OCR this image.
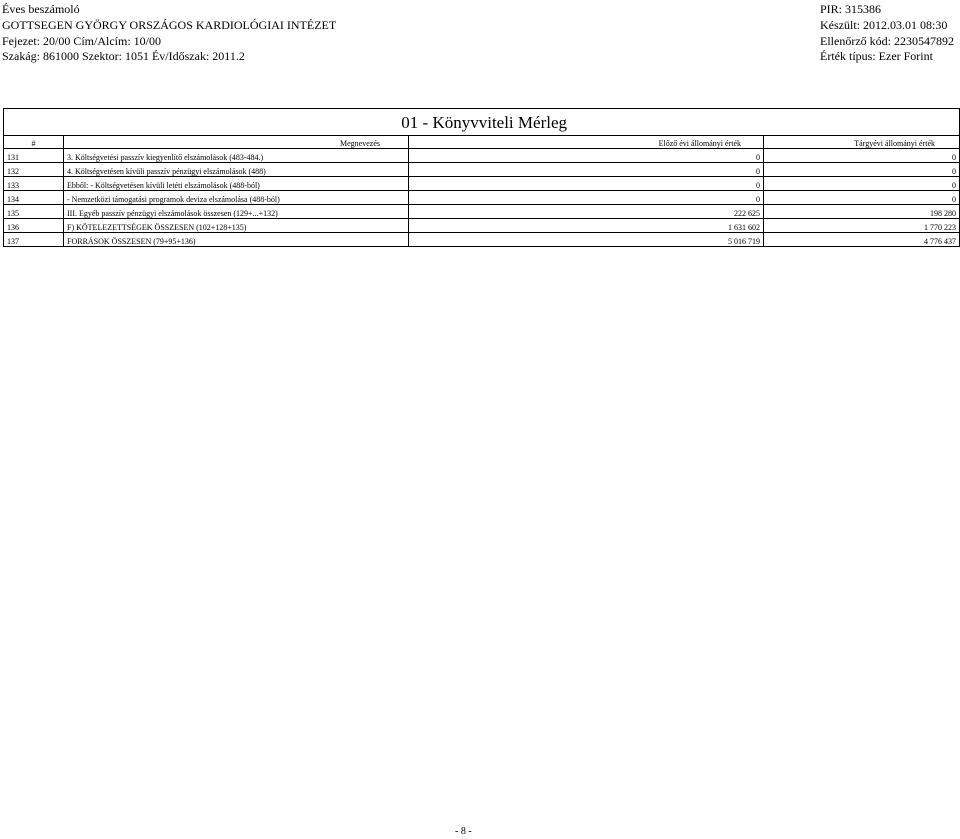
Éves beszámoló
GOTTSEGEN GYÖRGY ORSZÁGOS KARDIOLÓGIAI INTÉZET
Fejezet: 20/00 Cím/Alcím: 10/00
Szakág: 861000 Szektor: 1051 Év/Időszak: 2011.2
PIR: 315386
Készült: 2012.03.01 08:30
Ellenőrző kód: 2230547892
Érték típus: Ezer Forint

#	Megnevezés	Előző évi állományi érték	Tárgyévi állományi érték
131	3. Költségvetési passzív kiegyenlítő elszámolások (483-484.)	0	0
132	4. Költségvetésen kívüli passzív pénzügyi elszámolások (488)	0	0
133	Ebből: - Költségvetésen kívüli letéti elszámolások (488-ból)	0	0
134	- Nemzetközi támogatási programok deviza elszámolása (488-ból)	0	0
135	III. Egyéb passzív pénzügyi elszámolások összesen (129+...+132)	222 625	198 280
136	F) KÖTELEZETTSÉGEK ÖSSZESEN (102+128+135)	1 631 602	1 770 223
137	FORRÁSOK ÖSSZESEN (79+95+136)	5 016 719	4 776 437
01 - Könyvviteli Mérleg
- 8 -
